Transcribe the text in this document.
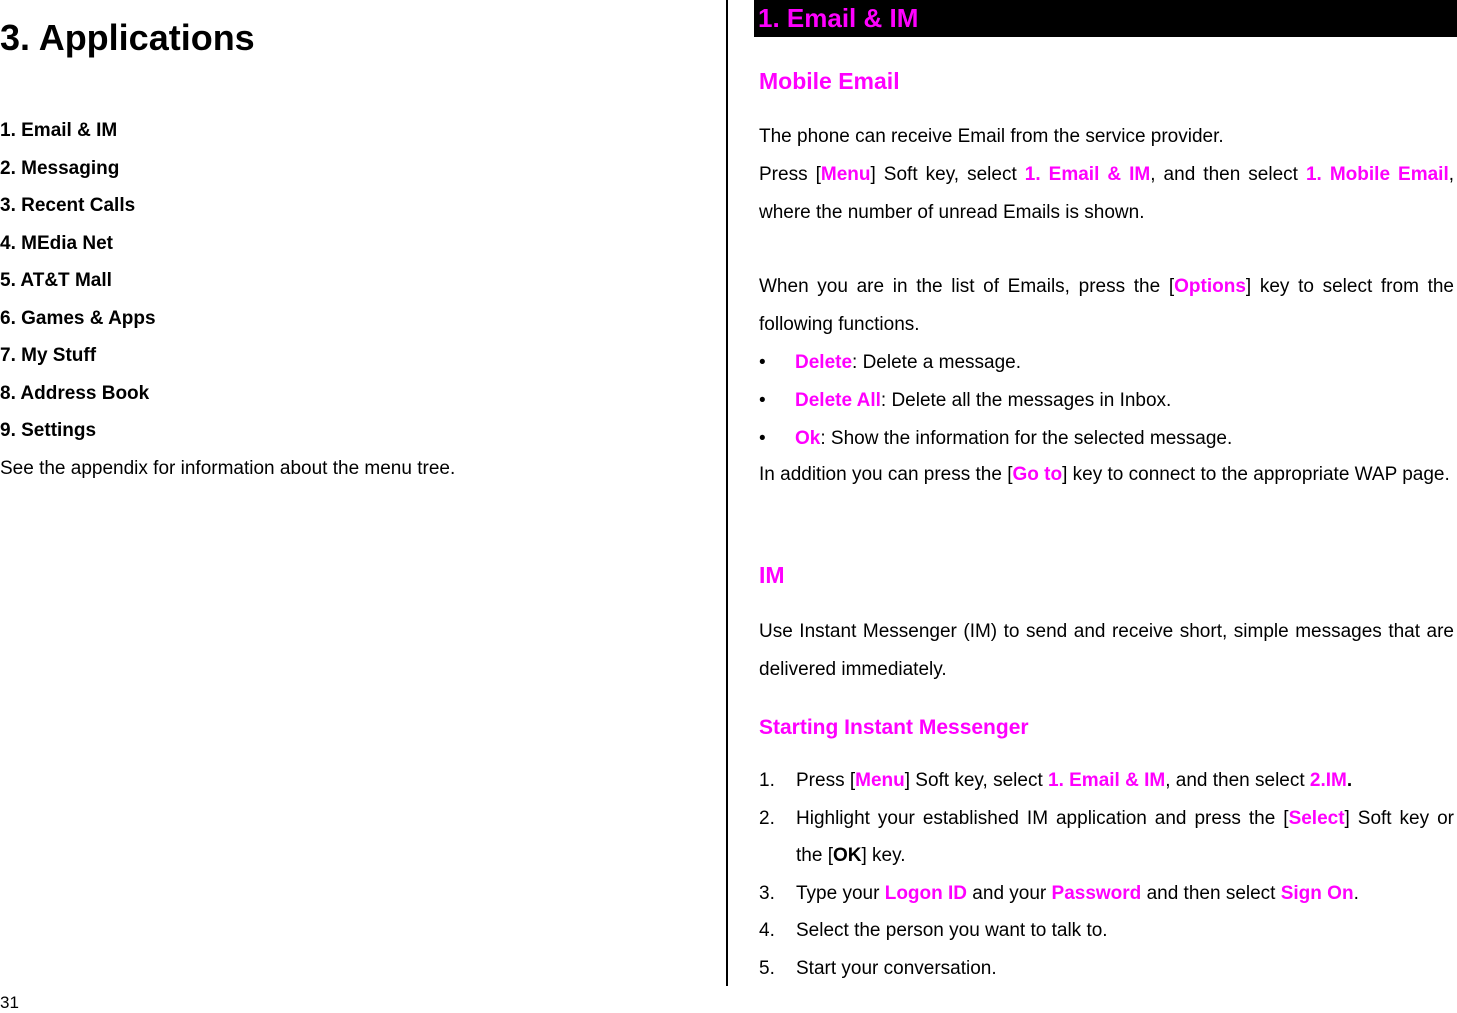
3. Applications
1. Email & IM
2. Messaging
3. Recent Calls
4. MEdia Net
5. AT&T Mall
6. Games & Apps
7. My Stuff
8. Address Book
9. Settings

See the appendix for information about the menu tree.

31
1. Email & IM
Mobile Email
The phone can receive Email from the service provider.
Press [Menu] Soft key, select 1. Email & IM, and then select 1. Mobile Email, where the number of unread Emails is shown.
When you are in the list of Emails, press the [Options] key to select from the following functions.
•	Delete: Delete a message.
•	Delete All: Delete all the messages in Inbox.
•	Ok: Show the information for the selected message.
In addition you can press the [Go to] key to connect to the appropriate WAP page.
IM
Use Instant Messenger (IM) to send and receive short, simple messages that are delivered immediately.
Starting Instant Messenger
1.	Press [Menu] Soft key, select 1. Email & IM, and then select 2.IM.
2.	Highlight your established IM application and press the [Select] Soft key or the [OK] key.
3.	Type your Logon ID and your Password and then select Sign On.
4.	Select the person you want to talk to.
5.	Start your conversation.
